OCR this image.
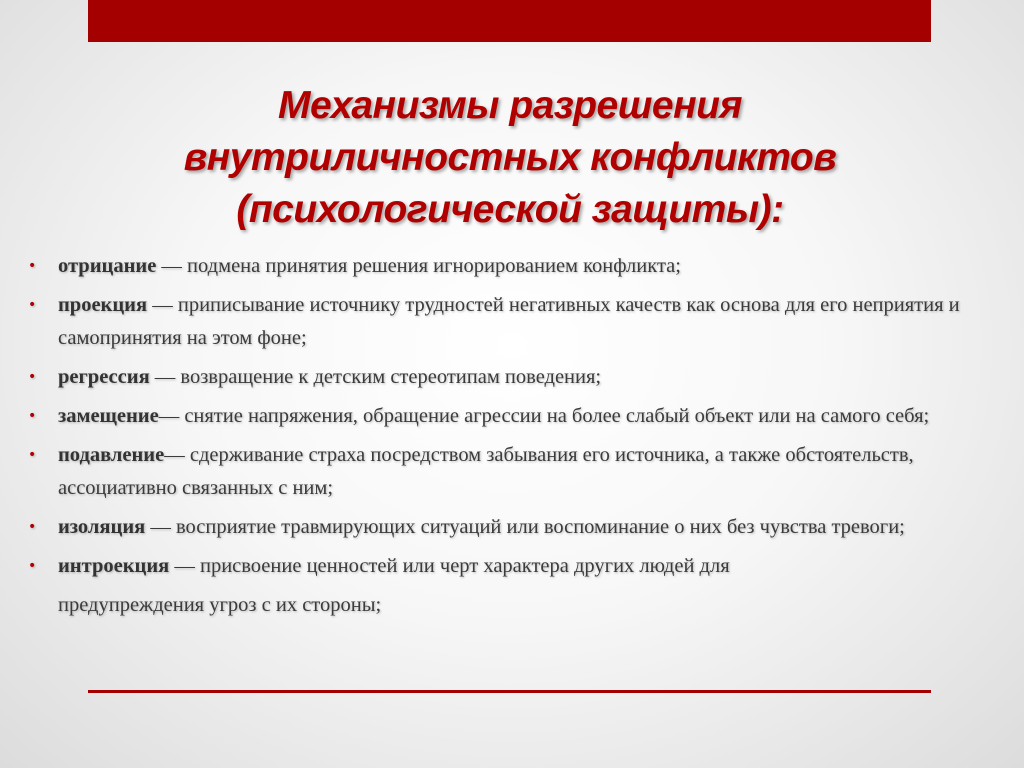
Механизмы разрешения
внутриличностных конфликтов
(психологической защиты):
• отрицание — подмена принятия решения игнорированием конфликта;
• проекция — приписывание источнику трудностей негативных качеств как основа для его неприятия и самопринятия на этом фоне;
• регрессия — возвращение к детским стереотипам поведения;
• замещение— снятие напряжения, обращение агрессии на более слабый объект или на самого себя;
• подавление— сдерживание страха посредством забывания его источника, а также обстоятельств, ассоциативно связанных с ним;
• изоляция — восприятие травмирующих ситуаций или воспоминание о них без чувства тревоги;
• интроекция — присвоение ценностей или черт характера других людей для
предупреждения угроз с их стороны;
